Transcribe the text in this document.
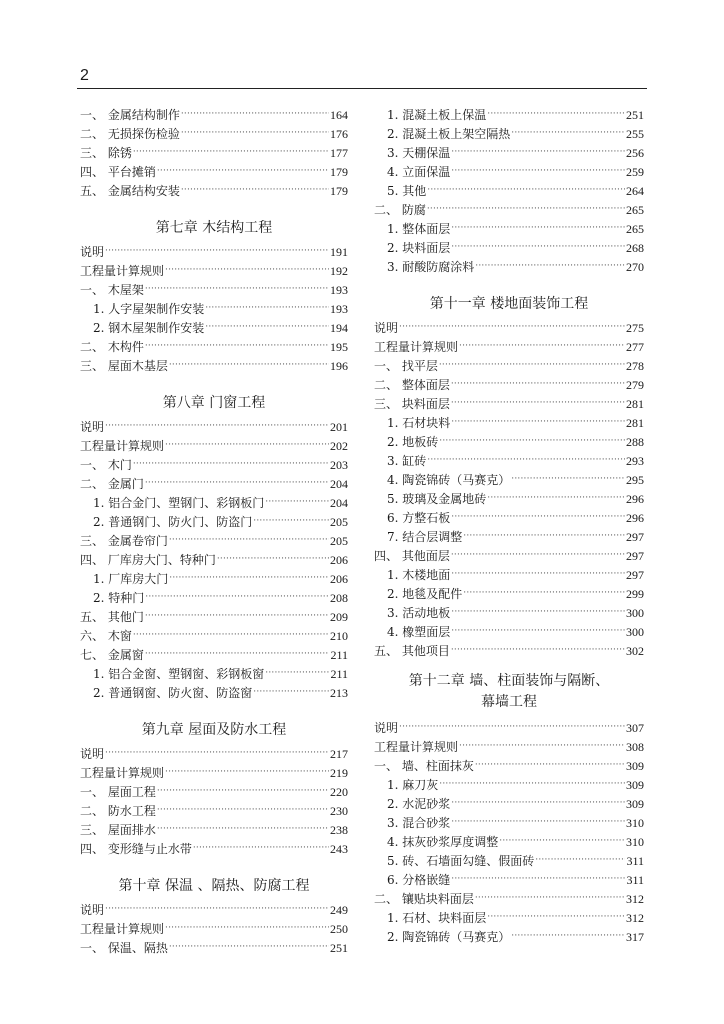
2
一、 金属结构制作 ·····	164
二、 无损探伤检验 ·····	176
三、 除锈 ·····	177
四、 平台摊销 ·····	179
五、 金属结构安装 ·····	179
第七章 木结构工程
说明 ·····	191
工程量计算规则 ·····	192
一、 木屋架 ·····	193
1. 人字屋架制作安装 ·····	193
2. 钢木屋架制作安装 ·····	194
二、 木构件 ·····	195
三、 屋面木基层 ·····	196
第八章 门窗工程
说明 ·····	201
工程量计算规则 ·····	202
一、 木门 ·····	203
二、 金属门 ·····	204
1. 铝合金门、塑钢门、彩钢板门 ·····	204
2. 普通钢门、防火门、防盗门 ·····	205
三、 金属卷帘门 ·····	205
四、 厂库房大门、特种门 ·····	206
1. 厂库房大门 ·····	206
2. 特种门 ·····	208
五、 其他门 ·····	209
六、 木窗 ·····	210
七、 金属窗 ·····	211
1. 铝合金窗、塑钢窗、彩钢板窗 ·····	211
2. 普通钢窗、防火窗、防盗窗 ·····	213
第九章 屋面及防水工程
说明 ·····	217
工程量计算规则 ·····	219
一、 屋面工程 ·····	220
二、 防水工程 ·····	230
三、 屋面排水 ·····	238
四、 变形缝与止水带 ·····	243
第十章 保温 、隔热、防腐工程
说明 ·····	249
工程量计算规则 ·····	250
一、 保温、隔热 ·····	251
1. 混凝土板上保温 ·····	251
2. 混凝土板上架空隔热 ·····	255
3. 天棚保温 ·····	256
4. 立面保温 ·····	259
5. 其他 ·····	264
二、 防腐 ·····	265
1. 整体面层 ·····	265
2. 块料面层 ·····	268
3. 耐酸防腐涂料 ·····	270
第十一章 楼地面装饰工程
说明 ·····	275
工程量计算规则 ·····	277
一、 找平层 ·····	278
二、 整体面层 ·····	279
三、 块料面层 ·····	281
1. 石材块料 ·····	281
2. 地板砖 ·····	288
3. 缸砖 ·····	293
4. 陶瓷锦砖（马赛克） ·····	295
5. 玻璃及金属地砖 ·····	296
6. 方整石板 ·····	296
7. 结合层调整 ·····	297
四、 其他面层 ·····	297
1. 木楼地面 ·····	297
2. 地毯及配件 ·····	299
3. 活动地板 ·····	300
4. 橡塑面层 ·····	300
五、 其他项目 ·····	302
第十二章 墙、柱面装饰与隔断、
幕墙工程
说明 ·····	307
工程量计算规则 ·····	308
一、 墙、柱面抹灰 ·····	309
1. 麻刀灰 ·····	309
2. 水泥砂浆 ·····	309
3. 混合砂浆 ·····	310
4. 抹灰砂浆厚度调整 ·····	310
5. 砖、石墙面勾缝、假面砖 ·····	311
6. 分格嵌缝 ·····	311
二、 镶贴块料面层 ·····	312
1. 石材、块料面层 ·····	312
2. 陶瓷锦砖（马赛克） ·····	317
